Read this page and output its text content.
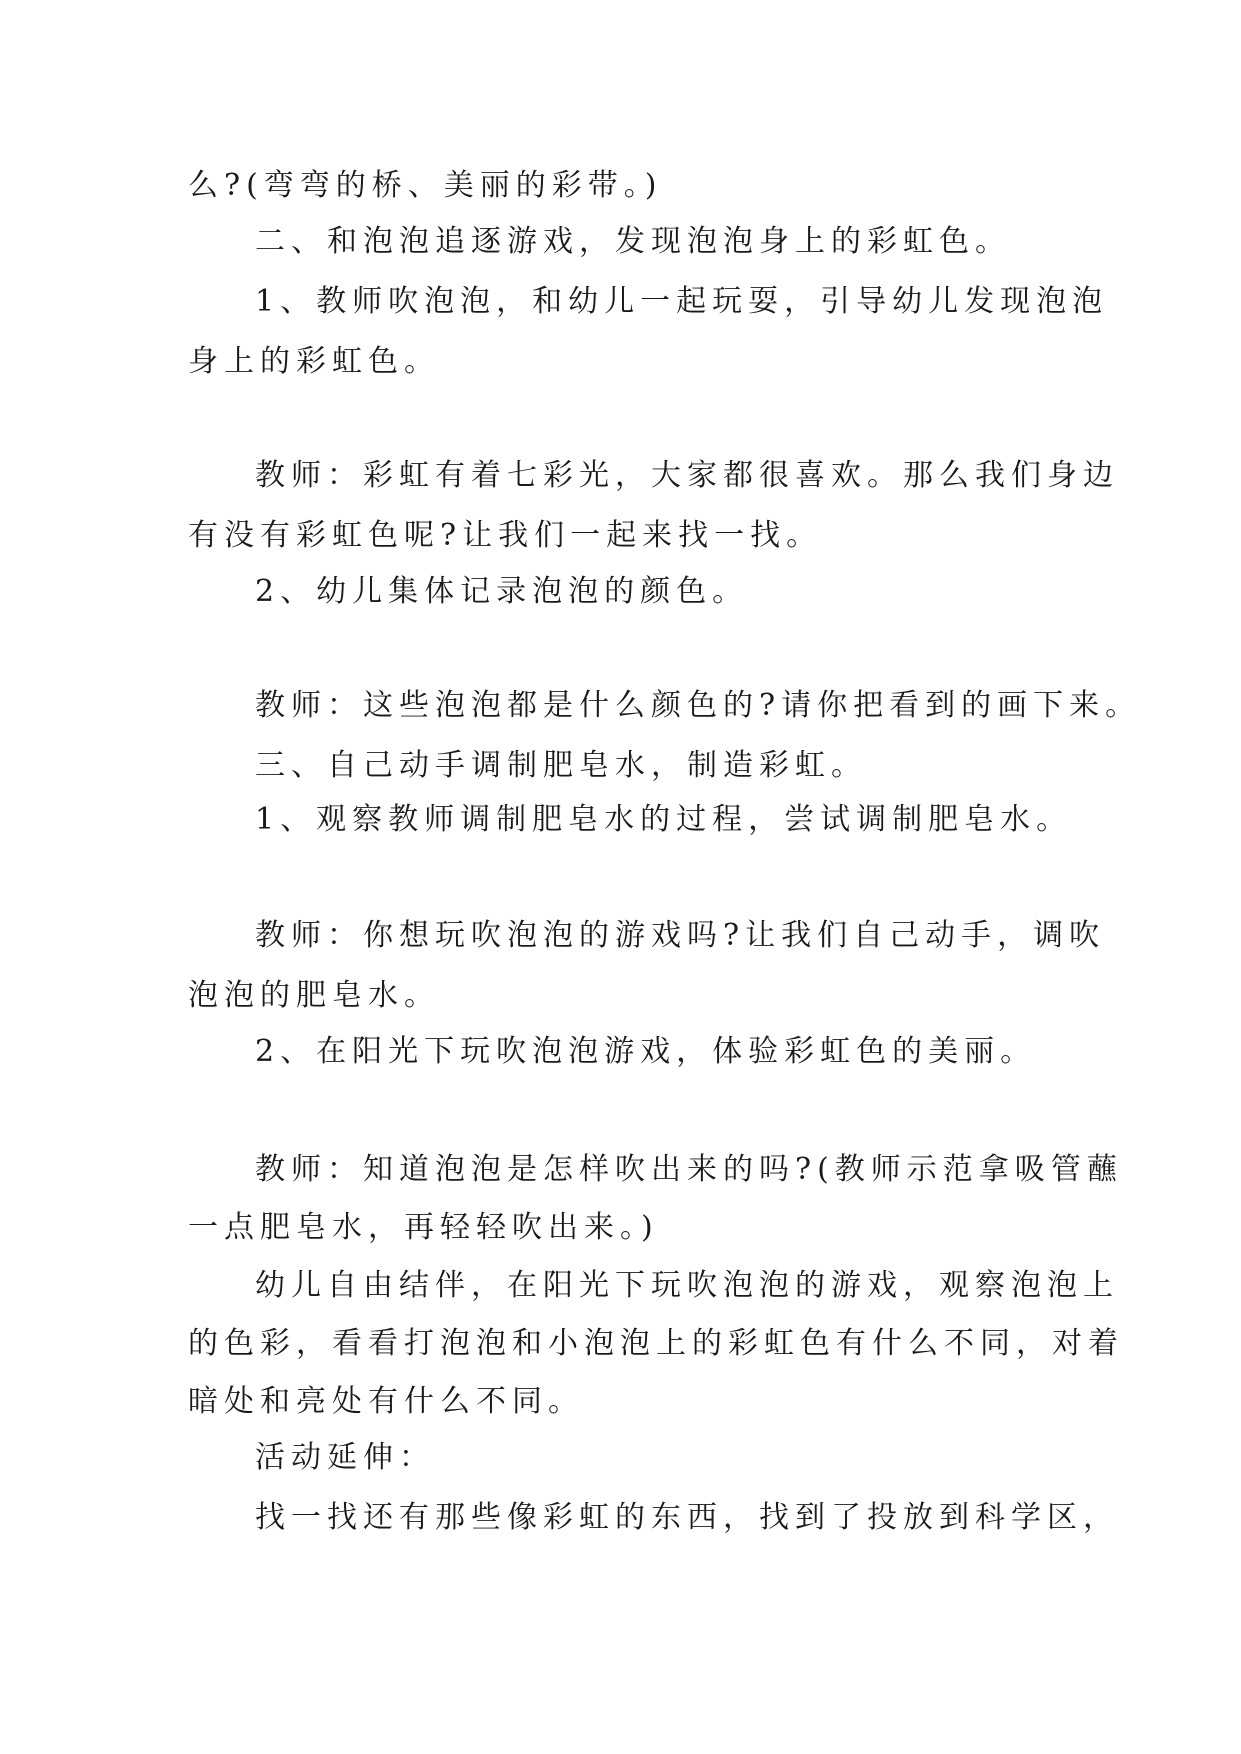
么?(弯弯的桥、美丽的彩带。)
二、和泡泡追逐游戏，发现泡泡身上的彩虹色。
1、教师吹泡泡，和幼儿一起玩耍，引导幼儿发现泡泡
身上的彩虹色。
教师：彩虹有着七彩光，大家都很喜欢。那么我们身边
有没有彩虹色呢?让我们一起来找一找。
2、幼儿集体记录泡泡的颜色。
教师：这些泡泡都是什么颜色的?请你把看到的画下来。
三、自己动手调制肥皂水，制造彩虹。
1、观察教师调制肥皂水的过程，尝试调制肥皂水。
教师：你想玩吹泡泡的游戏吗?让我们自己动手，调吹
泡泡的肥皂水。
2、在阳光下玩吹泡泡游戏，体验彩虹色的美丽。
教师：知道泡泡是怎样吹出来的吗?(教师示范拿吸管蘸
一点肥皂水，再轻轻吹出来。)
幼儿自由结伴，在阳光下玩吹泡泡的游戏，观察泡泡上
的色彩，看看打泡泡和小泡泡上的彩虹色有什么不同，对着
暗处和亮处有什么不同。
活动延伸：
找一找还有那些像彩虹的东西，找到了投放到科学区，
